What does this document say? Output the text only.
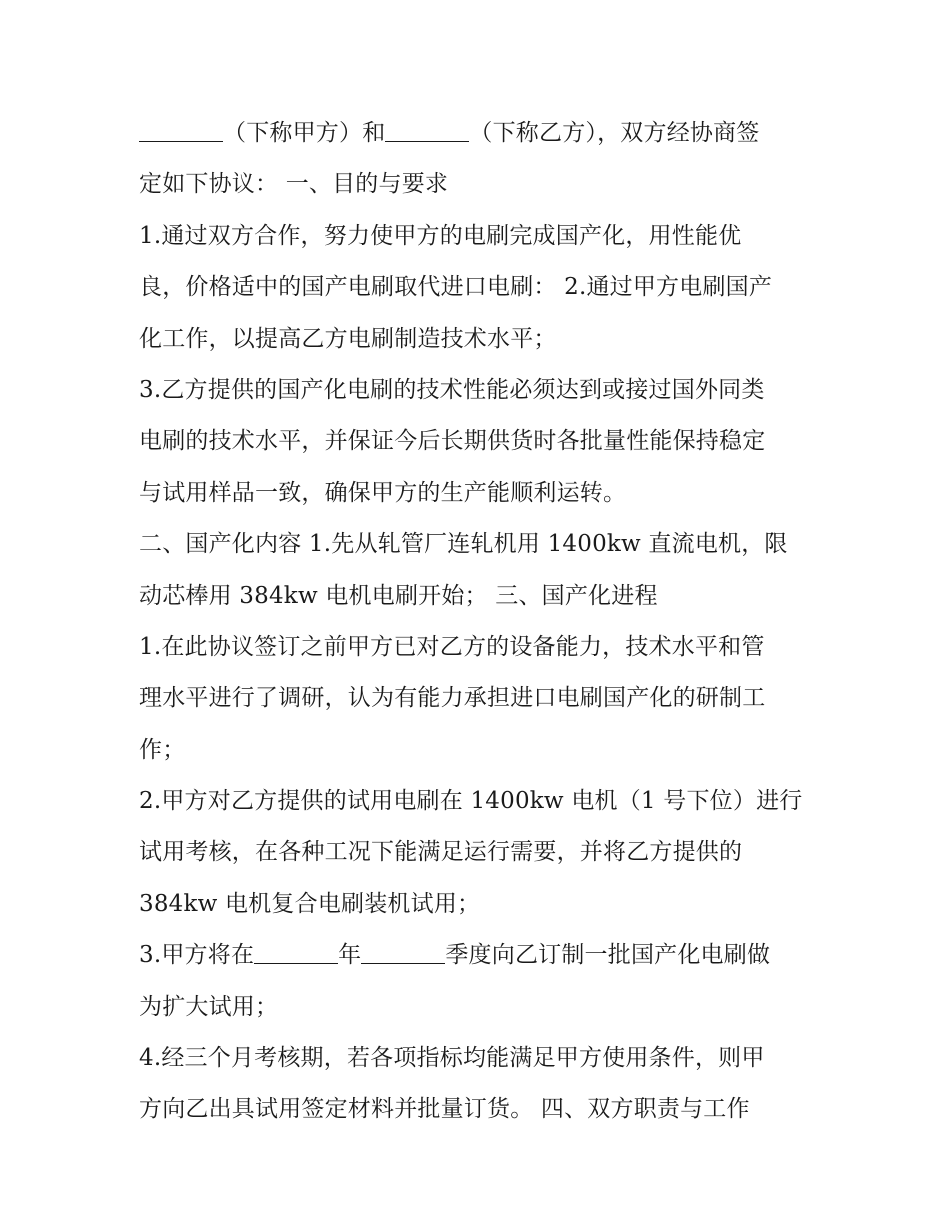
（下称甲方）和	（下称乙方），双方经协商签
定如下协议： 一、目的与要求
1.通过双方合作，努力使甲方的电刷完成国产化，用性能优
良，价格适中的国产电刷取代进口电刷： 2.通过甲方电刷国产
化工作，以提高乙方电刷制造技术水平；
3.乙方提供的国产化电刷的技术性能必须达到或接过国外同类
电刷的技术水平，并保证今后长期供货时各批量性能保持稳定
与试用样品一致，确保甲方的生产能顺利运转。
二、国产化内容 1.先从轧管厂连轧机用 1400kw 直流电机，限
动芯棒用 384kw 电机电刷开始； 三、国产化进程
1.在此协议签订之前甲方已对乙方的设备能力，技术水平和管
理水平进行了调研，认为有能力承担进口电刷国产化的研制工
作；
2.甲方对乙方提供的试用电刷在 1400kw 电机（1 号下位）进行
试用考核，在各种工况下能满足运行需要，并将乙方提供的
384kw 电机复合电刷装机试用；
3.甲方将在	年	季度向乙订制一批国产化电刷做
为扩大试用；
4.经三个月考核期，若各项指标均能满足甲方使用条件，则甲
方向乙出具试用签定材料并批量订货。 四、双方职责与工作
